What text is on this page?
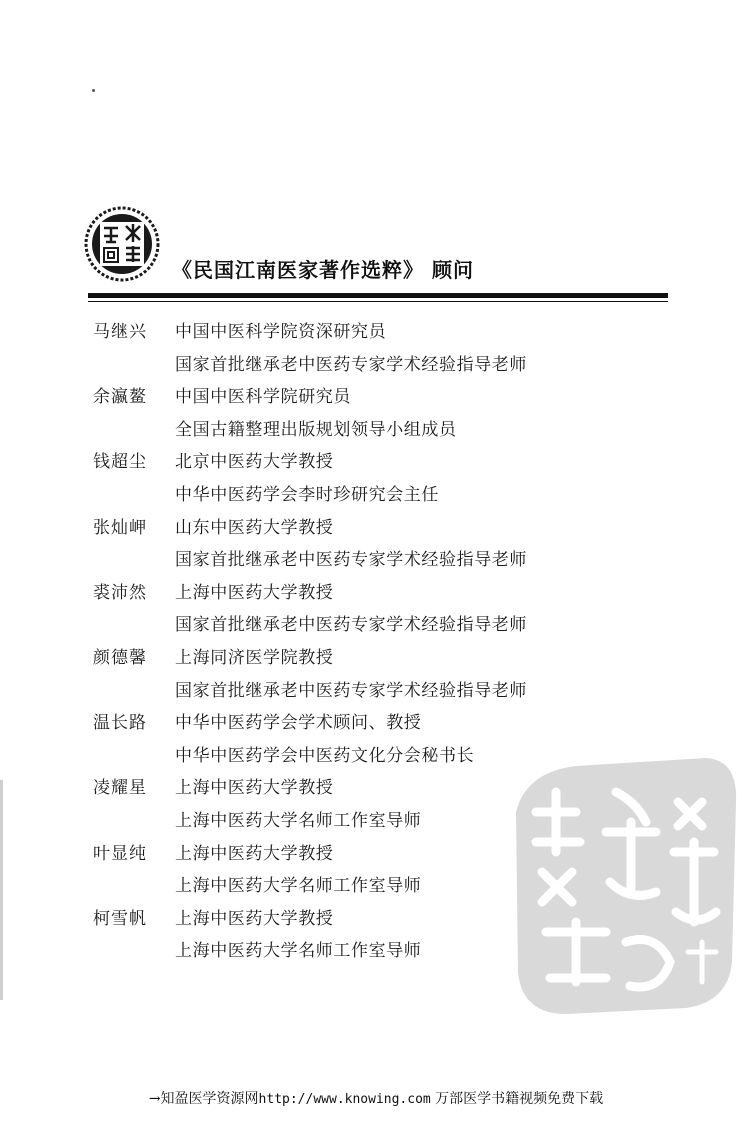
《民国江南医家著作选粹》 顾问
马继兴	中国中医科学院资深研究员
国家首批继承老中医药专家学术经验指导老师
余瀛鳌	中国中医科学院研究员
全国古籍整理出版规划领导小组成员
钱超尘	北京中医药大学教授
中华中医药学会李时珍研究会主任
张灿岬	山东中医药大学教授
国家首批继承老中医药专家学术经验指导老师
裘沛然	上海中医药大学教授
国家首批继承老中医药专家学术经验指导老师
颜德馨	上海同济医学院教授
国家首批继承老中医药专家学术经验指导老师
温长路	中华中医药学会学术顾问、教授
中华中医药学会中医药文化分会秘书长
凌耀星	上海中医药大学教授
上海中医药大学名师工作室导师
叶显纯	上海中医药大学教授
上海中医药大学名师工作室导师
柯雪帆	上海中医药大学教授
上海中医药大学名师工作室导师
→知盈医学资源网http://www.knowing.com 万部医学书籍视频免费下载
